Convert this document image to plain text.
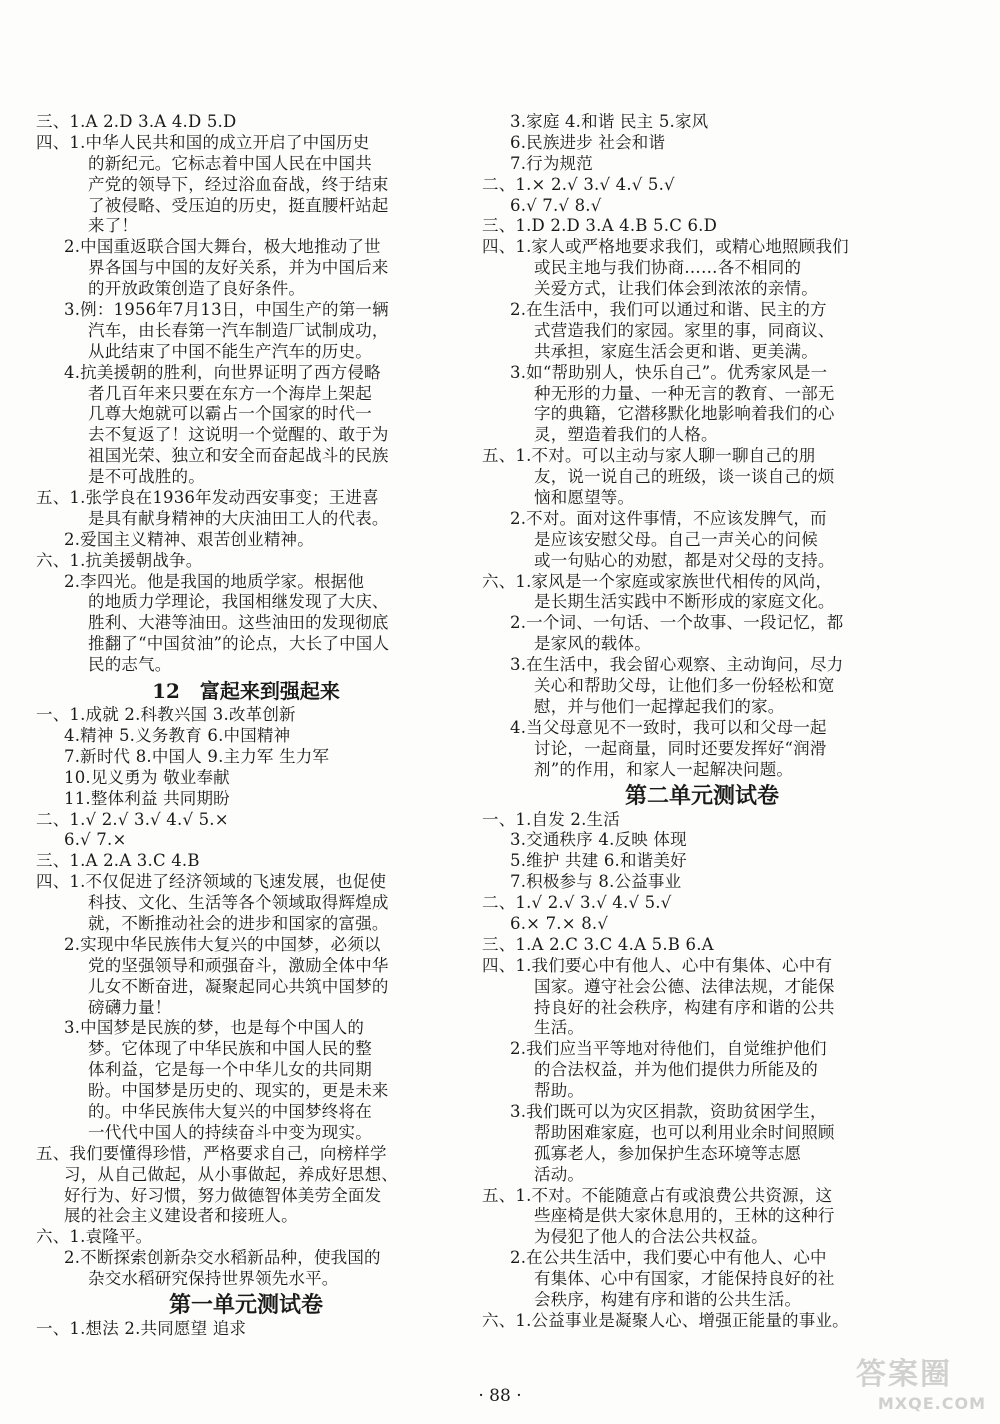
三、1.A 2.D 3.A 4.D 5.D
四、1.中华人民共和国的成立开启了中国历史
的新纪元。它标志着中国人民在中国共
产党的领导下，经过浴血奋战，终于结束
了被侵略、受压迫的历史，挺直腰杆站起
来了！
2.中国重返联合国大舞台，极大地推动了世
界各国与中国的友好关系，并为中国后来
的开放政策创造了良好条件。
3.例：1956年7月13日，中国生产的第一辆
汽车，由长春第一汽车制造厂试制成功，
从此结束了中国不能生产汽车的历史。
4.抗美援朝的胜利，向世界证明了西方侵略
者几百年来只要在东方一个海岸上架起
几尊大炮就可以霸占一个国家的时代一
去不复返了！这说明一个觉醒的、敢于为
祖国光荣、独立和安全而奋起战斗的民族
是不可战胜的。
五、1.张学良在1936年发动西安事变；王进喜
是具有献身精神的大庆油田工人的代表。
2.爱国主义精神、艰苦创业精神。
六、1.抗美援朝战争。
2.李四光。他是我国的地质学家。根据他
的地质力学理论，我国相继发现了大庆、
胜利、大港等油田。这些油田的发现彻底
推翻了“中国贫油”的论点，大长了中国人
民的志气。
12　富起来到强起来
一、1.成就 2.科教兴国 3.改革创新
4.精神 5.义务教育 6.中国精神
7.新时代 8.中国人 9.主力军 生力军
10.见义勇为 敬业奉献
11.整体利益 共同期盼
二、1.√ 2.√ 3.√ 4.√ 5.×
6.√ 7.×
三、1.A 2.A 3.C 4.B
四、1.不仅促进了经济领域的飞速发展，也促使
科技、文化、生活等各个领域取得辉煌成
就，不断推动社会的进步和国家的富强。
2.实现中华民族伟大复兴的中国梦，必须以
党的坚强领导和顽强奋斗，激励全体中华
儿女不断奋进，凝聚起同心共筑中国梦的
磅礴力量！
3.中国梦是民族的梦，也是每个中国人的
梦。它体现了中华民族和中国人民的整
体利益，它是每一个中华儿女的共同期
盼。中国梦是历史的、现实的，更是未来
的。中华民族伟大复兴的中国梦终将在
一代代中国人的持续奋斗中变为现实。
五、我们要懂得珍惜，严格要求自己，向榜样学
习，从自己做起，从小事做起，养成好思想、
好行为、好习惯，努力做德智体美劳全面发
展的社会主义建设者和接班人。
六、1.袁隆平。
2.不断探索创新杂交水稻新品种，使我国的
杂交水稻研究保持世界领先水平。
第一单元测试卷
一、1.想法 2.共同愿望 追求
3.家庭 4.和谐 民主 5.家风
6.民族进步 社会和谐
7.行为规范
二、1.× 2.√ 3.√ 4.√ 5.√
6.√ 7.√ 8.√
三、1.D 2.D 3.A 4.B 5.C 6.D
四、1.家人或严格地要求我们，或精心地照顾我们
或民主地与我们协商……各不相同的
关爱方式，让我们体会到浓浓的亲情。
2.在生活中，我们可以通过和谐、民主的方
式营造我们的家园。家里的事，同商议、
共承担，家庭生活会更和谐、更美满。
3.如“帮助别人，快乐自己”。优秀家风是一
种无形的力量、一种无言的教育、一部无
字的典籍，它潜移默化地影响着我们的心
灵，塑造着我们的人格。
五、1.不对。可以主动与家人聊一聊自己的朋
友，说一说自己的班级，谈一谈自己的烦
恼和愿望等。
2.不对。面对这件事情，不应该发脾气，而
是应该安慰父母。自己一声关心的问候
或一句贴心的劝慰，都是对父母的支持。
六、1.家风是一个家庭或家族世代相传的风尚，
是长期生活实践中不断形成的家庭文化。
2.一个词、一句话、一个故事、一段记忆，都
是家风的载体。
3.在生活中，我会留心观察、主动询问，尽力
关心和帮助父母，让他们多一份轻松和宽
慰，并与他们一起撑起我们的家。
4.当父母意见不一致时，我可以和父母一起
讨论，一起商量，同时还要发挥好“润滑
剂”的作用，和家人一起解决问题。
第二单元测试卷
一、1.自发 2.生活
3.交通秩序 4.反映 体现
5.维护 共建 6.和谐美好
7.积极参与 8.公益事业
二、1.√ 2.√ 3.√ 4.√ 5.√
6.× 7.× 8.√
三、1.A 2.C 3.C 4.A 5.B 6.A
四、1.我们要心中有他人、心中有集体、心中有
国家。遵守社会公德、法律法规，才能保
持良好的社会秩序，构建有序和谐的公共
生活。
2.我们应当平等地对待他们，自觉维护他们
的合法权益，并为他们提供力所能及的
帮助。
3.我们既可以为灾区捐款，资助贫困学生，
帮助困难家庭，也可以利用业余时间照顾
孤寡老人，参加保护生态环境等志愿
活动。
五、1.不对。不能随意占有或浪费公共资源，这
些座椅是供大家休息用的，王林的这种行
为侵犯了他人的合法公共权益。
2.在公共生活中，我们要心中有他人、心中
有集体、心中有国家，才能保持良好的社
会秩序，构建有序和谐的公共生活。
六、1.公益事业是凝聚人心、增强正能量的事业。
· 88 ·
答案圈
MXQE.COM
